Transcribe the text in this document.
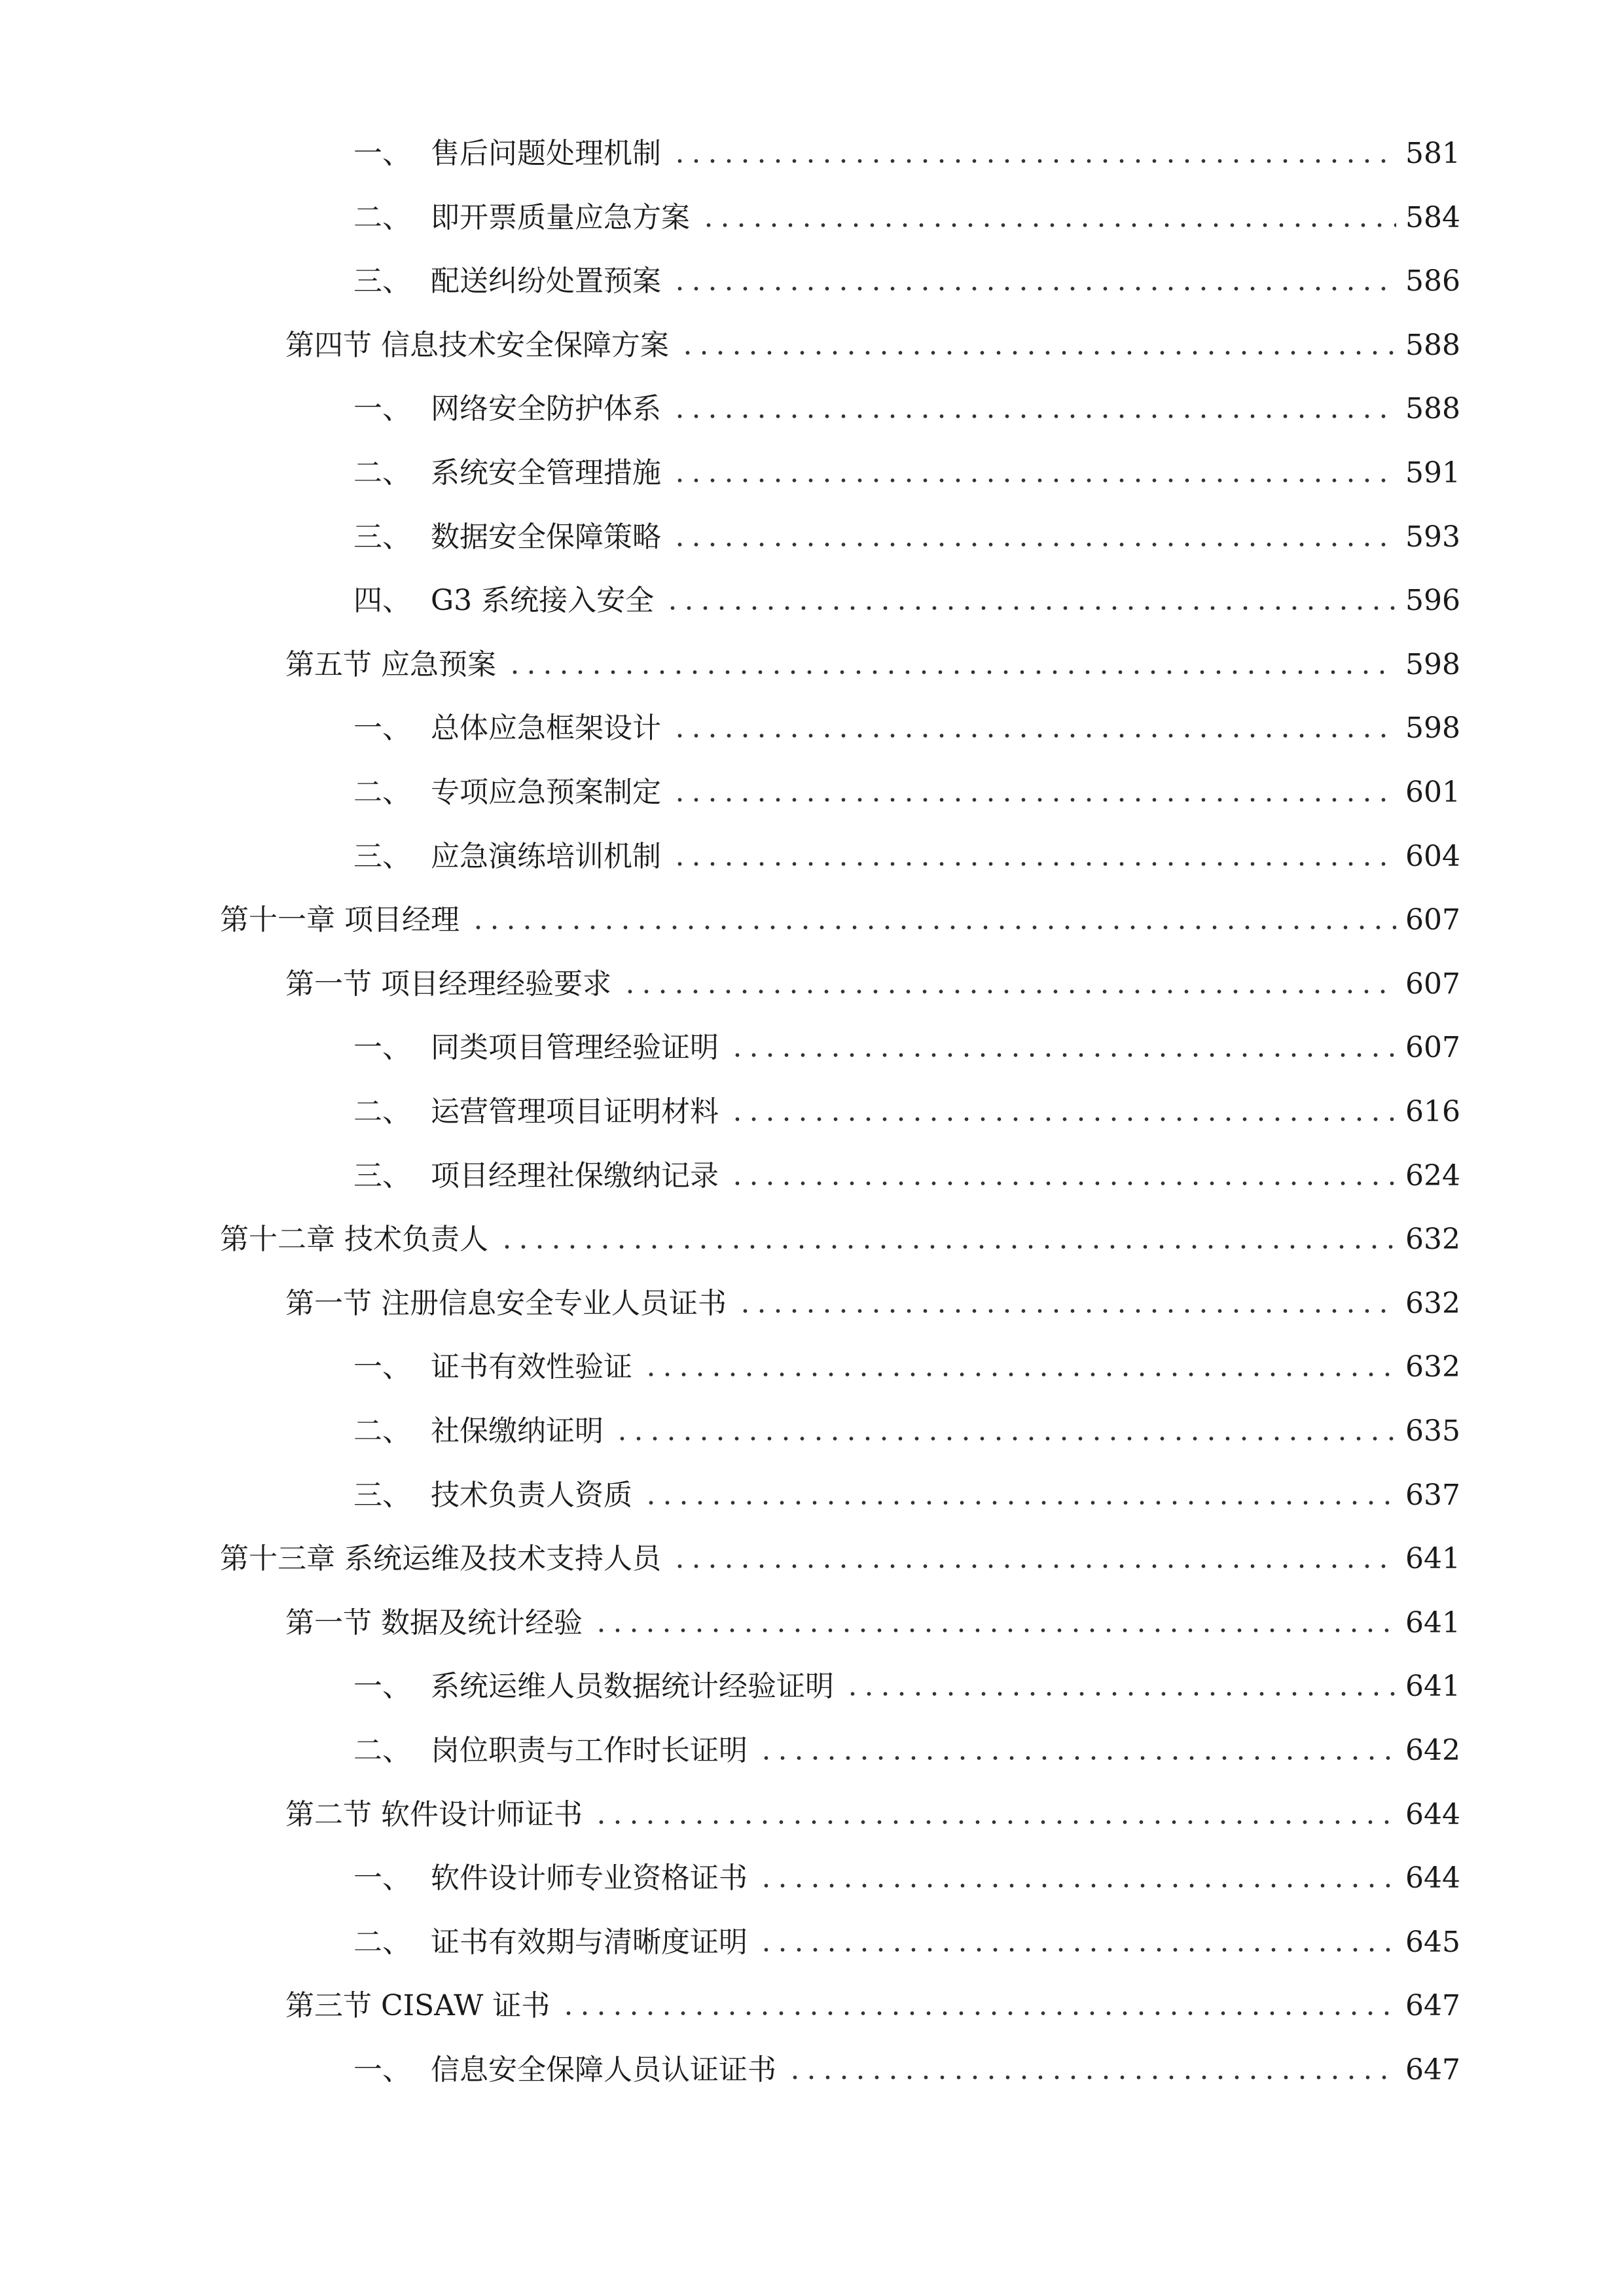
一、 售后问题处理机制	581
二、 即开票质量应急方案	584
三、 配送纠纷处置预案	586
第四节 信息技术安全保障方案	588
一、 网络安全防护体系	588
二、 系统安全管理措施	591
三、 数据安全保障策略	593
四、 G3 系统接入安全	596
第五节 应急预案	598
一、 总体应急框架设计	598
二、 专项应急预案制定	601
三、 应急演练培训机制	604
第十一章 项目经理	607
第一节 项目经理经验要求	607
一、 同类项目管理经验证明	607
二、 运营管理项目证明材料	616
三、 项目经理社保缴纳记录	624
第十二章 技术负责人	632
第一节 注册信息安全专业人员证书	632
一、 证书有效性验证	632
二、 社保缴纳证明	635
三、 技术负责人资质	637
第十三章 系统运维及技术支持人员	641
第一节 数据及统计经验	641
一、 系统运维人员数据统计经验证明	641
二、 岗位职责与工作时长证明	642
第二节 软件设计师证书	644
一、 软件设计师专业资格证书	644
二、 证书有效期与清晰度证明	645
第三节 CISAW 证书	647
一、 信息安全保障人员认证证书	647
